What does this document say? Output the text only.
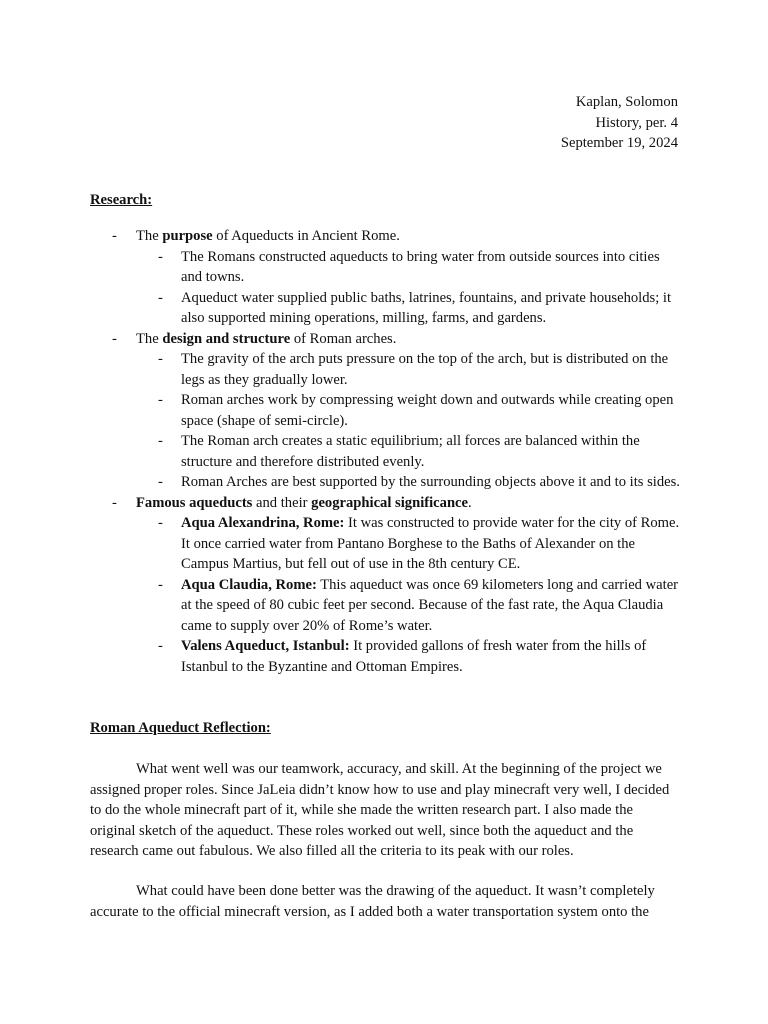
Kaplan, Solomon
History, per. 4
September 19, 2024
Research:
- The purpose of Aqueducts in Ancient Rome.
- The Romans constructed aqueducts to bring water from outside sources into cities and towns.
- Aqueduct water supplied public baths, latrines, fountains, and private households; it also supported mining operations, milling, farms, and gardens.
- The design and structure of Roman arches.
- The gravity of the arch puts pressure on the top of the arch, but is distributed on the legs as they gradually lower.
- Roman arches work by compressing weight down and outwards while creating open space (shape of semi-circle).
- The Roman arch creates a static equilibrium; all forces are balanced within the structure and therefore distributed evenly.
- Roman Arches are best supported by the surrounding objects above it and to its sides.
- Famous aqueducts and their geographical significance.
- Aqua Alexandrina, Rome: It was constructed to provide water for the city of Rome. It once carried water from Pantano Borghese to the Baths of Alexander on the Campus Martius, but fell out of use in the 8th century CE.
- Aqua Claudia, Rome: This aqueduct was once 69 kilometers long and carried water at the speed of 80 cubic feet per second. Because of the fast rate, the Aqua Claudia came to supply over 20% of Rome’s water.
- Valens Aqueduct, Istanbul: It provided gallons of fresh water from the hills of Istanbul to the Byzantine and Ottoman Empires.
Roman Aqueduct Reflection:
What went well was our teamwork, accuracy, and skill. At the beginning of the project we assigned proper roles. Since JaLeia didn’t know how to use and play minecraft very well, I decided to do the whole minecraft part of it, while she made the written research part. I also made the original sketch of the aqueduct. These roles worked out well, since both the aqueduct and the research came out fabulous. We also filled all the criteria to its peak with our roles.
What could have been done better was the drawing of the aqueduct. It wasn’t completely accurate to the official minecraft version, as I added both a water transportation system onto the
